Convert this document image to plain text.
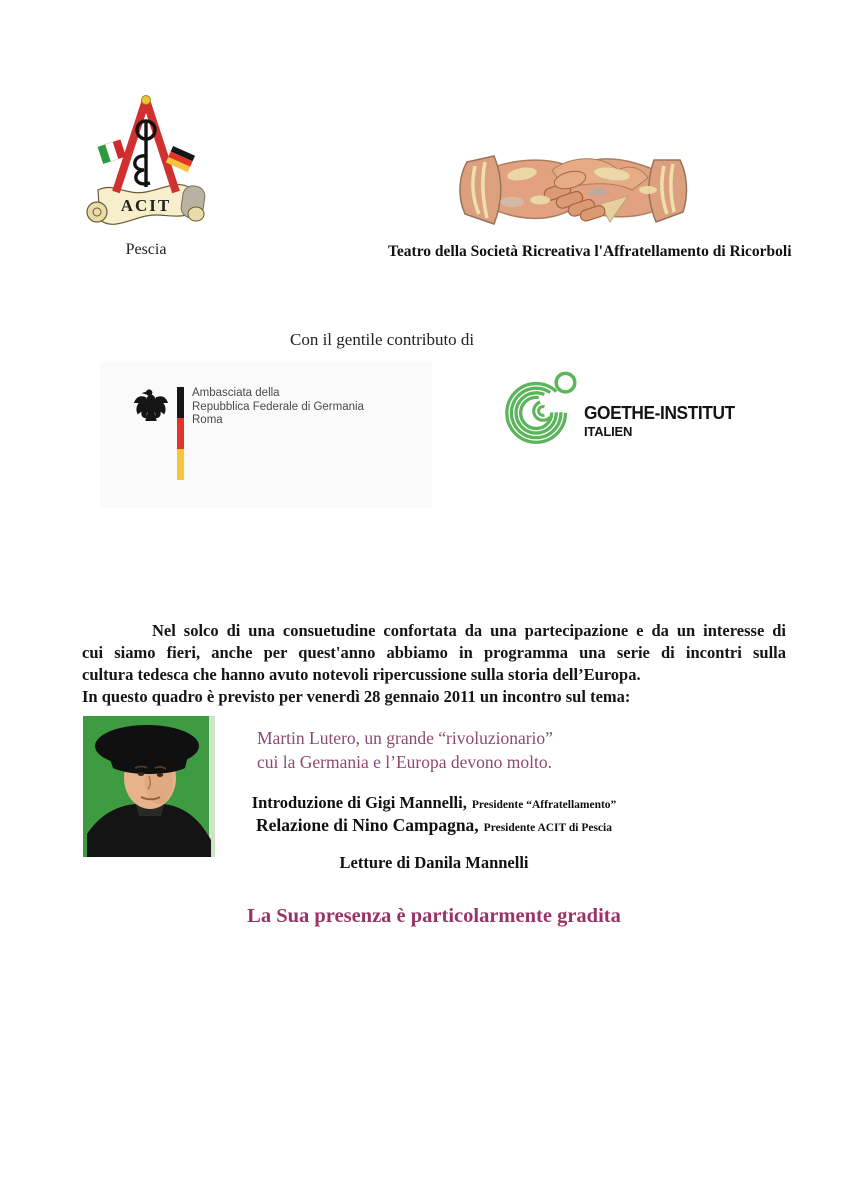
ACIT
Pescia	Teatro della Società Ricreativa l'Affratellamento di Ricorboli
Con il gentile contributo di
Ambasciata della
Repubblica Federale di Germania
Roma	GOETHE-INSTITUT
ITALIEN
Nel solco di una consuetudine confortata da una partecipazione e da un interesse di
cui siamo fieri, anche per quest'anno abbiamo in programma una serie di incontri sulla
cultura tedesca che hanno avuto notevoli ripercussione sulla storia dell’Europa.
In questo quadro è previsto per venerdì 28 gennaio 2011 un incontro sul tema:
Martin Lutero, un grande “rivoluzionario”
cui la Germania e l’Europa devono molto.
Introduzione di Gigi Mannelli, Presidente “Affratellamento”
Relazione di Nino Campagna, Presidente ACIT di Pescia
Letture di Danila Mannelli
La Sua presenza è particolarmente gradita
